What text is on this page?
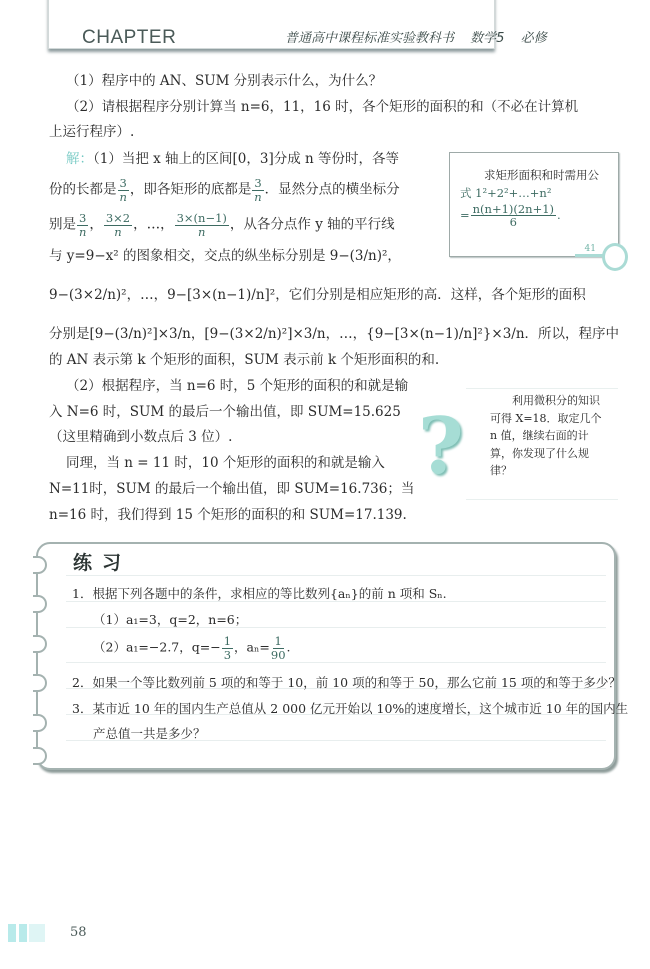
CHAPTER	普通高中课程标准实验教科书 数学5 必修
（1）程序中的 AN、SUM 分别表示什么，为什么？
（2）请根据程序分别计算当 n=6，11，16 时，各个矩形的面积的和（不必在计算机
上运行程序）.
解：（1）当把 x 轴上的区间[0，3]分成 n 等份时，各等
份的长都是 $\frac{3}{n}$ ，即各矩形的底都是 $\frac{3}{n}$ ．显然分点的横坐标分
别是 $\frac{3}{n}$ ， $\frac{3\times 2}{n}$ ，…， $\frac{3\times(n-1)}{n}$ ，从各分点作 y 轴的平行线
与 y=9−x² 的图象相交，交点的纵坐标分别是 9−(3/n)²，
9−(3×2/n)²，…，9−[3×(n−1)/n]²，它们分别是相应矩形的高．这样，各个矩形的面积
分别是[9−(3/n)²]×3/n，[9−(3×2/n)²]×3/n，…，{9−[3×(n−1)/n]²}×3/n．所以，程序中
的 AN 表示第 k 个矩形的面积，SUM 表示前 k 个矩形面积的和.
（2）根据程序，当 n=6 时，5 个矩形的面积的和就是输
入 N=6 时，SUM 的最后一个输出值，即 SUM=15.625
（这里精确到小数点后 3 位）.
同理，当 n = 11 时，10 个矩形的面积的和就是输入
N=11时，SUM 的最后一个输出值，即 SUM=16.736；当
n=16 时，我们得到 15 个矩形的面积的和 SUM=17.139.
求矩形面积和时需用公
式 1²+2²+…+n²
= $\frac{n(n+1)(2n+1)}{6}$ .
41
?
利用微积分的知识
可得 X=18．取定几个
n 值，继续右面的计
算，你发现了什么规
律？
练习
1．根据下列各题中的条件，求相应的等比数列{aₙ}的前 n 项和 Sₙ.
（1）a₁=3，q=2，n=6；
（2）a₁=−2.7，$q=- \frac{1}{3}$ ，$a_n= \frac{1}{90}$ .
2．如果一个等比数列前 5 项的和等于 10，前 10 项的和等于 50，那么它前 15 项的和等于多少？
3．某市近 10 年的国内生产总值从 2 000 亿元开始以 10%的速度增长，这个城市近 10 年的国内生
产总值一共是多少？
58
